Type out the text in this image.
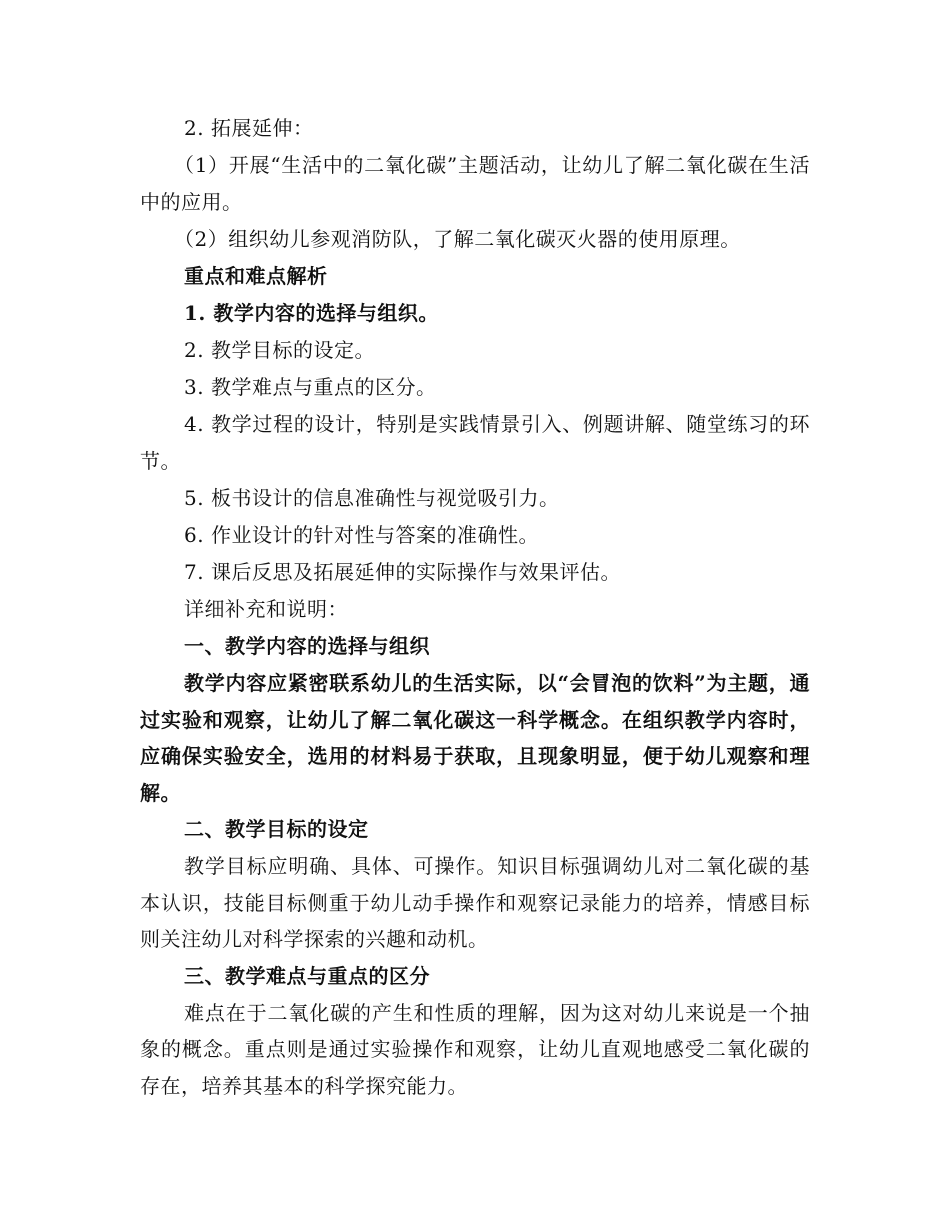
2. 拓展延伸：

（1）开展“生活中的二氧化碳”主题活动，让幼儿了解二氧化碳在生活中的应用。

（2）组织幼儿参观消防队，了解二氧化碳灭火器的使用原理。

重点和难点解析

1. 教学内容的选择与组织。

2. 教学目标的设定。

3. 教学难点与重点的区分。

4. 教学过程的设计，特别是实践情景引入、例题讲解、随堂练习的环节。

5. 板书设计的信息准确性与视觉吸引力。

6. 作业设计的针对性与答案的准确性。

7. 课后反思及拓展延伸的实际操作与效果评估。

详细补充和说明：

一、教学内容的选择与组织

教学内容应紧密联系幼儿的生活实际，以“会冒泡的饮料”为主题，通过实验和观察，让幼儿了解二氧化碳这一科学概念。在组织教学内容时，应确保实验安全，选用的材料易于获取，且现象明显，便于幼儿观察和理解。

二、教学目标的设定

教学目标应明确、具体、可操作。知识目标强调幼儿对二氧化碳的基本认识，技能目标侧重于幼儿动手操作和观察记录能力的培养，情感目标则关注幼儿对科学探索的兴趣和动机。

三、教学难点与重点的区分

难点在于二氧化碳的产生和性质的理解，因为这对幼儿来说是一个抽象的概念。重点则是通过实验操作和观察，让幼儿直观地感受二氧化碳的存在，培养其基本的科学探究能力。
